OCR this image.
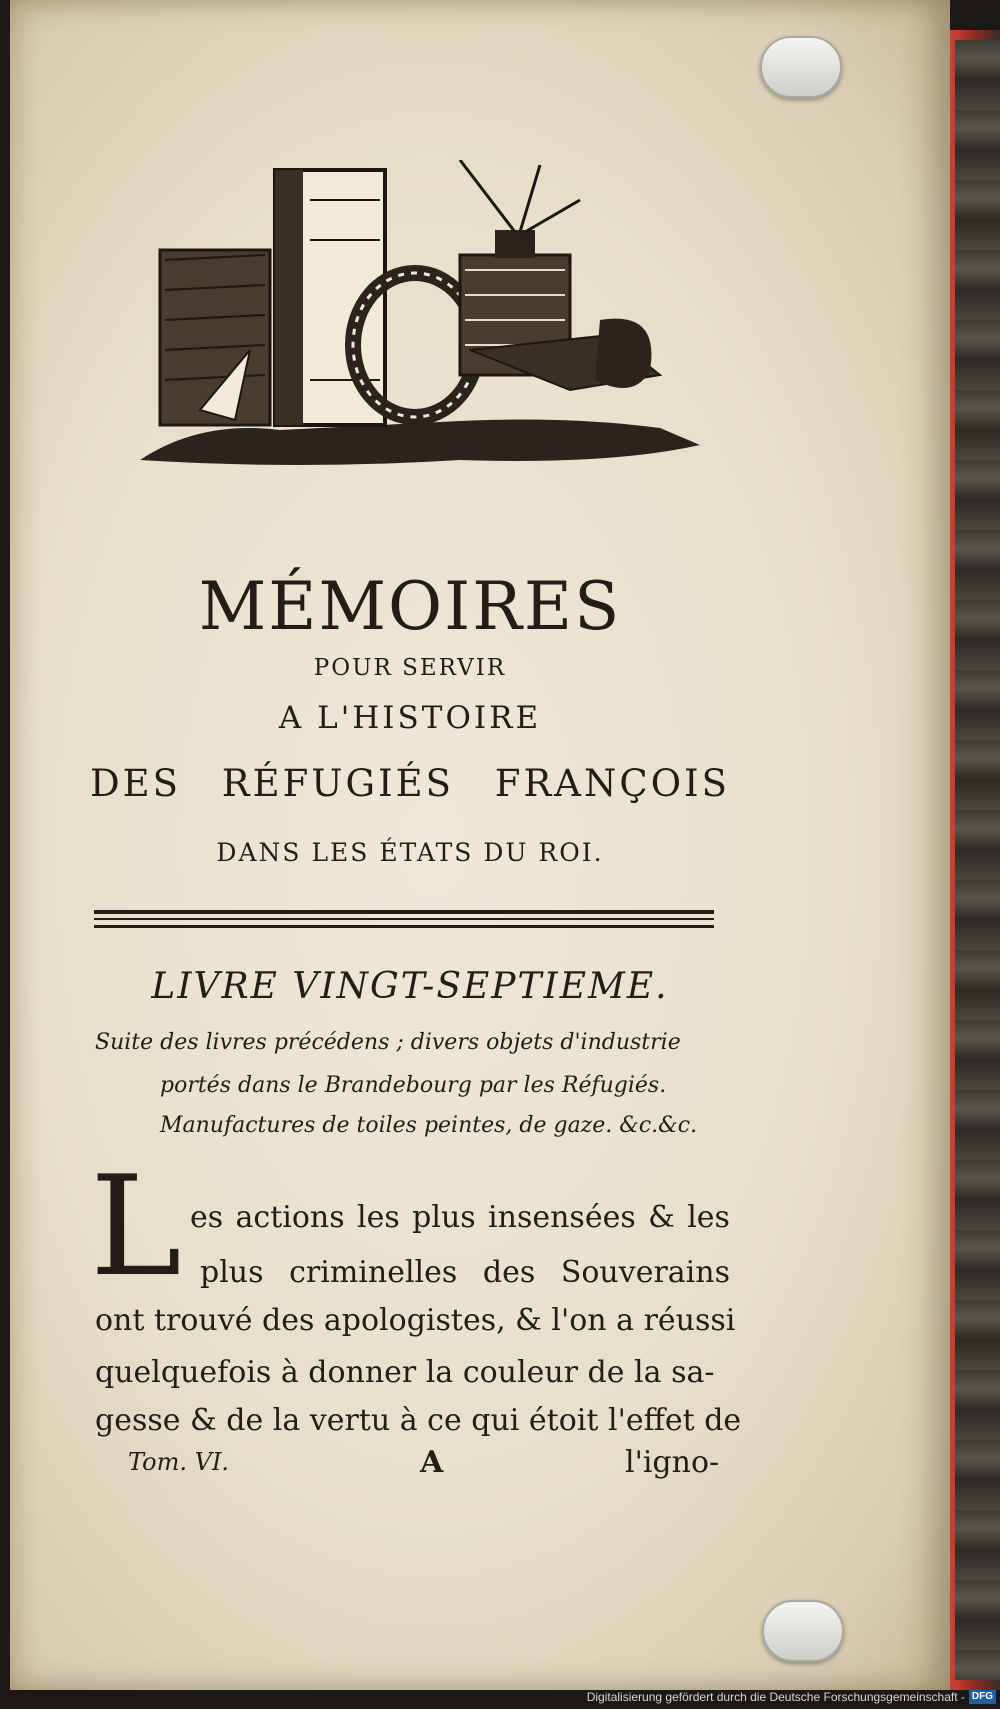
MÉMOIRES
POUR SERVIR
A L'HISTOIRE
DES RÉFUGIÉS FRANÇOIS
DANS LES ÉTATS DU ROI.
LIVRE VINGT-SEPTIEME.
Suite des livres précédens ; divers objets d'industrie
portés dans le Brandebourg par les Réfugiés.
Manufactures de toiles peintes, de gaze. &c.&c.
L es actions les plus insensées & les
plus criminelles des Souverains
ont trouvé des apologistes, & l'on a réussi
quelquefois à donner la couleur de la sa-
gesse & de la vertu à ce qui étoit l'effet de
Tom. VI.	A	l'igno-
Digitalisierung gefördert durch die Deutsche Forschungsgemeinschaft - DFG
